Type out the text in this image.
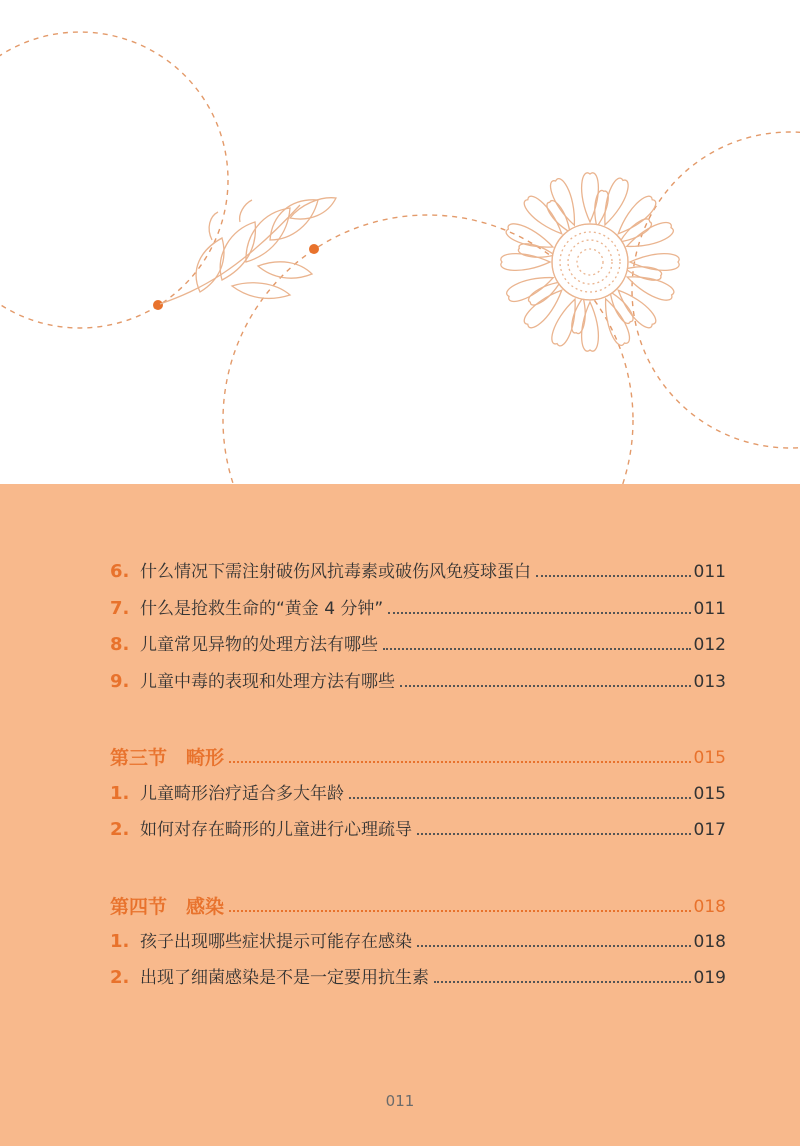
6. 什么情况下需注射破伤风抗毒素或破伤风免疫球蛋白	011
7. 什么是抢救生命的“黄金 4 分钟”	011
8. 儿童常见异物的处理方法有哪些	012
9. 儿童中毒的表现和处理方法有哪些	013
第三节　畸形	015
1. 儿童畸形治疗适合多大年龄	015
2. 如何对存在畸形的儿童进行心理疏导	017
第四节　感染	018
1. 孩子出现哪些症状提示可能存在感染	018
2. 出现了细菌感染是不是一定要用抗生素	019
011
